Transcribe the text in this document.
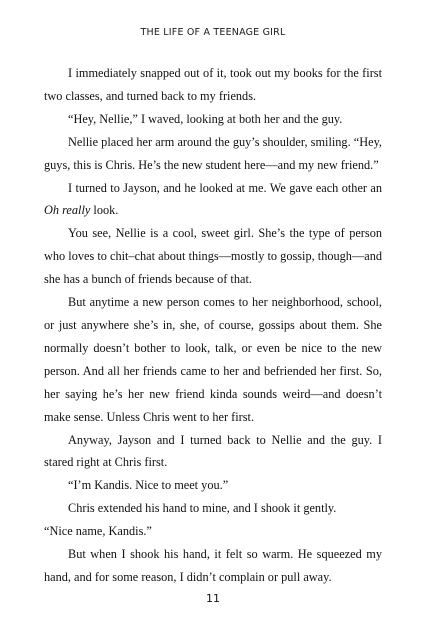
THE LIFE OF A TEENAGE GIRL

I immediately snapped out of it, took out my books for the first two classes, and turned back to my friends.

“Hey, Nellie,” I waved, looking at both her and the guy.

Nellie placed her arm around the guy’s shoulder, smiling. “Hey, guys, this is Chris. He’s the new student here—and my new friend.”

I turned to Jayson, and he looked at me. We gave each other an Oh really look.

You see, Nellie is a cool, sweet girl. She’s the type of person who loves to chit–chat about things—mostly to gossip, though—and she has a bunch of friends because of that.

But anytime a new person comes to her neighborhood, school, or just anywhere she’s in, she, of course, gossips about them. She normally doesn’t bother to look, talk, or even be nice to the new person. And all her friends came to her and befriended her first. So, her saying he’s her new friend kinda sounds weird—and doesn’t make sense. Unless Chris went to her first.

Anyway, Jayson and I turned back to Nellie and the guy. I stared right at Chris first.

“I’m Kandis. Nice to meet you.”

Chris extended his hand to mine, and I shook it gently.

“Nice name, Kandis.”

But when I shook his hand, it felt so warm. He squeezed my hand, and for some reason, I didn’t complain or pull away.

11
